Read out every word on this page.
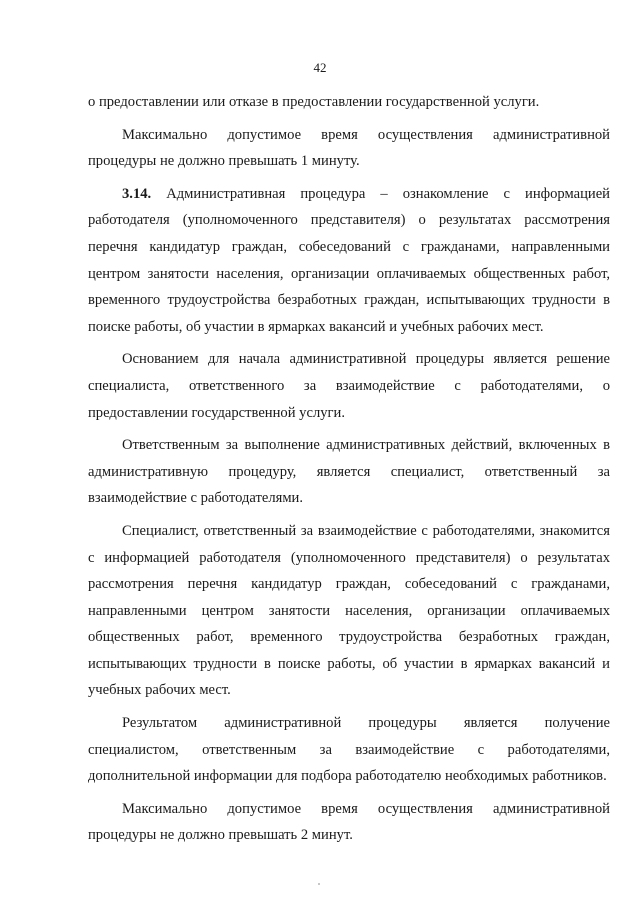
42

о предоставлении или отказе в предоставлении государственной услуги.

Максимально допустимое время осуществления административной процедуры не должно превышать 1 минуту.

3.14. Административная процедура – ознакомление с информацией работодателя (уполномоченного представителя) о результатах рассмотрения перечня кандидатур граждан, собеседований с гражданами, направленными центром занятости населения, организации оплачиваемых общественных работ, временного трудоустройства безработных граждан, испытывающих трудности в поиске работы, об участии в ярмарках вакансий и учебных рабочих мест.

Основанием для начала административной процедуры является решение специалиста, ответственного за взаимодействие с работодателями, о предоставлении государственной услуги.

Ответственным за выполнение административных действий, включенных в административную процедуру, является специалист, ответственный за взаимодействие с работодателями.

Специалист, ответственный за взаимодействие с работодателями, знакомится с информацией работодателя (уполномоченного представителя) о результатах рассмотрения перечня кандидатур граждан, собеседований с гражданами, направленными центром занятости населения, организации оплачиваемых общественных работ, временного трудоустройства безработных граждан, испытывающих трудности в поиске работы, об участии в ярмарках вакансий и учебных рабочих мест.

Результатом административной процедуры является получение специалистом, ответственным за взаимодействие с работодателями, дополнительной информации для подбора работодателю необходимых работников.

Максимально допустимое время осуществления административной процедуры не должно превышать 2 минут.
